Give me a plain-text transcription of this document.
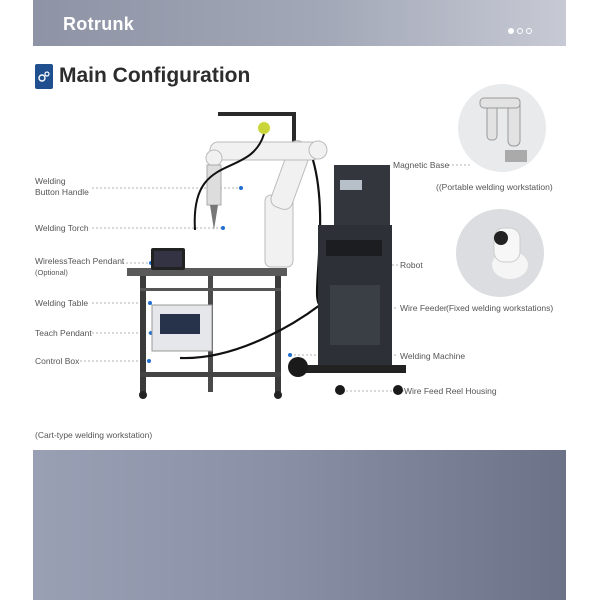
Rotrunk
Main Configuration
Welding
Button Handle
Welding Torch
WirelessTeach Pendant
(Optional)
Welding Table
Teach Pendant
Control Box
Magnetic Base
Robot
Wire Feeder
Welding Machine
Wire Feed Reel Housing
((Portable welding workstation)
(Fixed welding workstations)
(Cart-type welding workstation)
